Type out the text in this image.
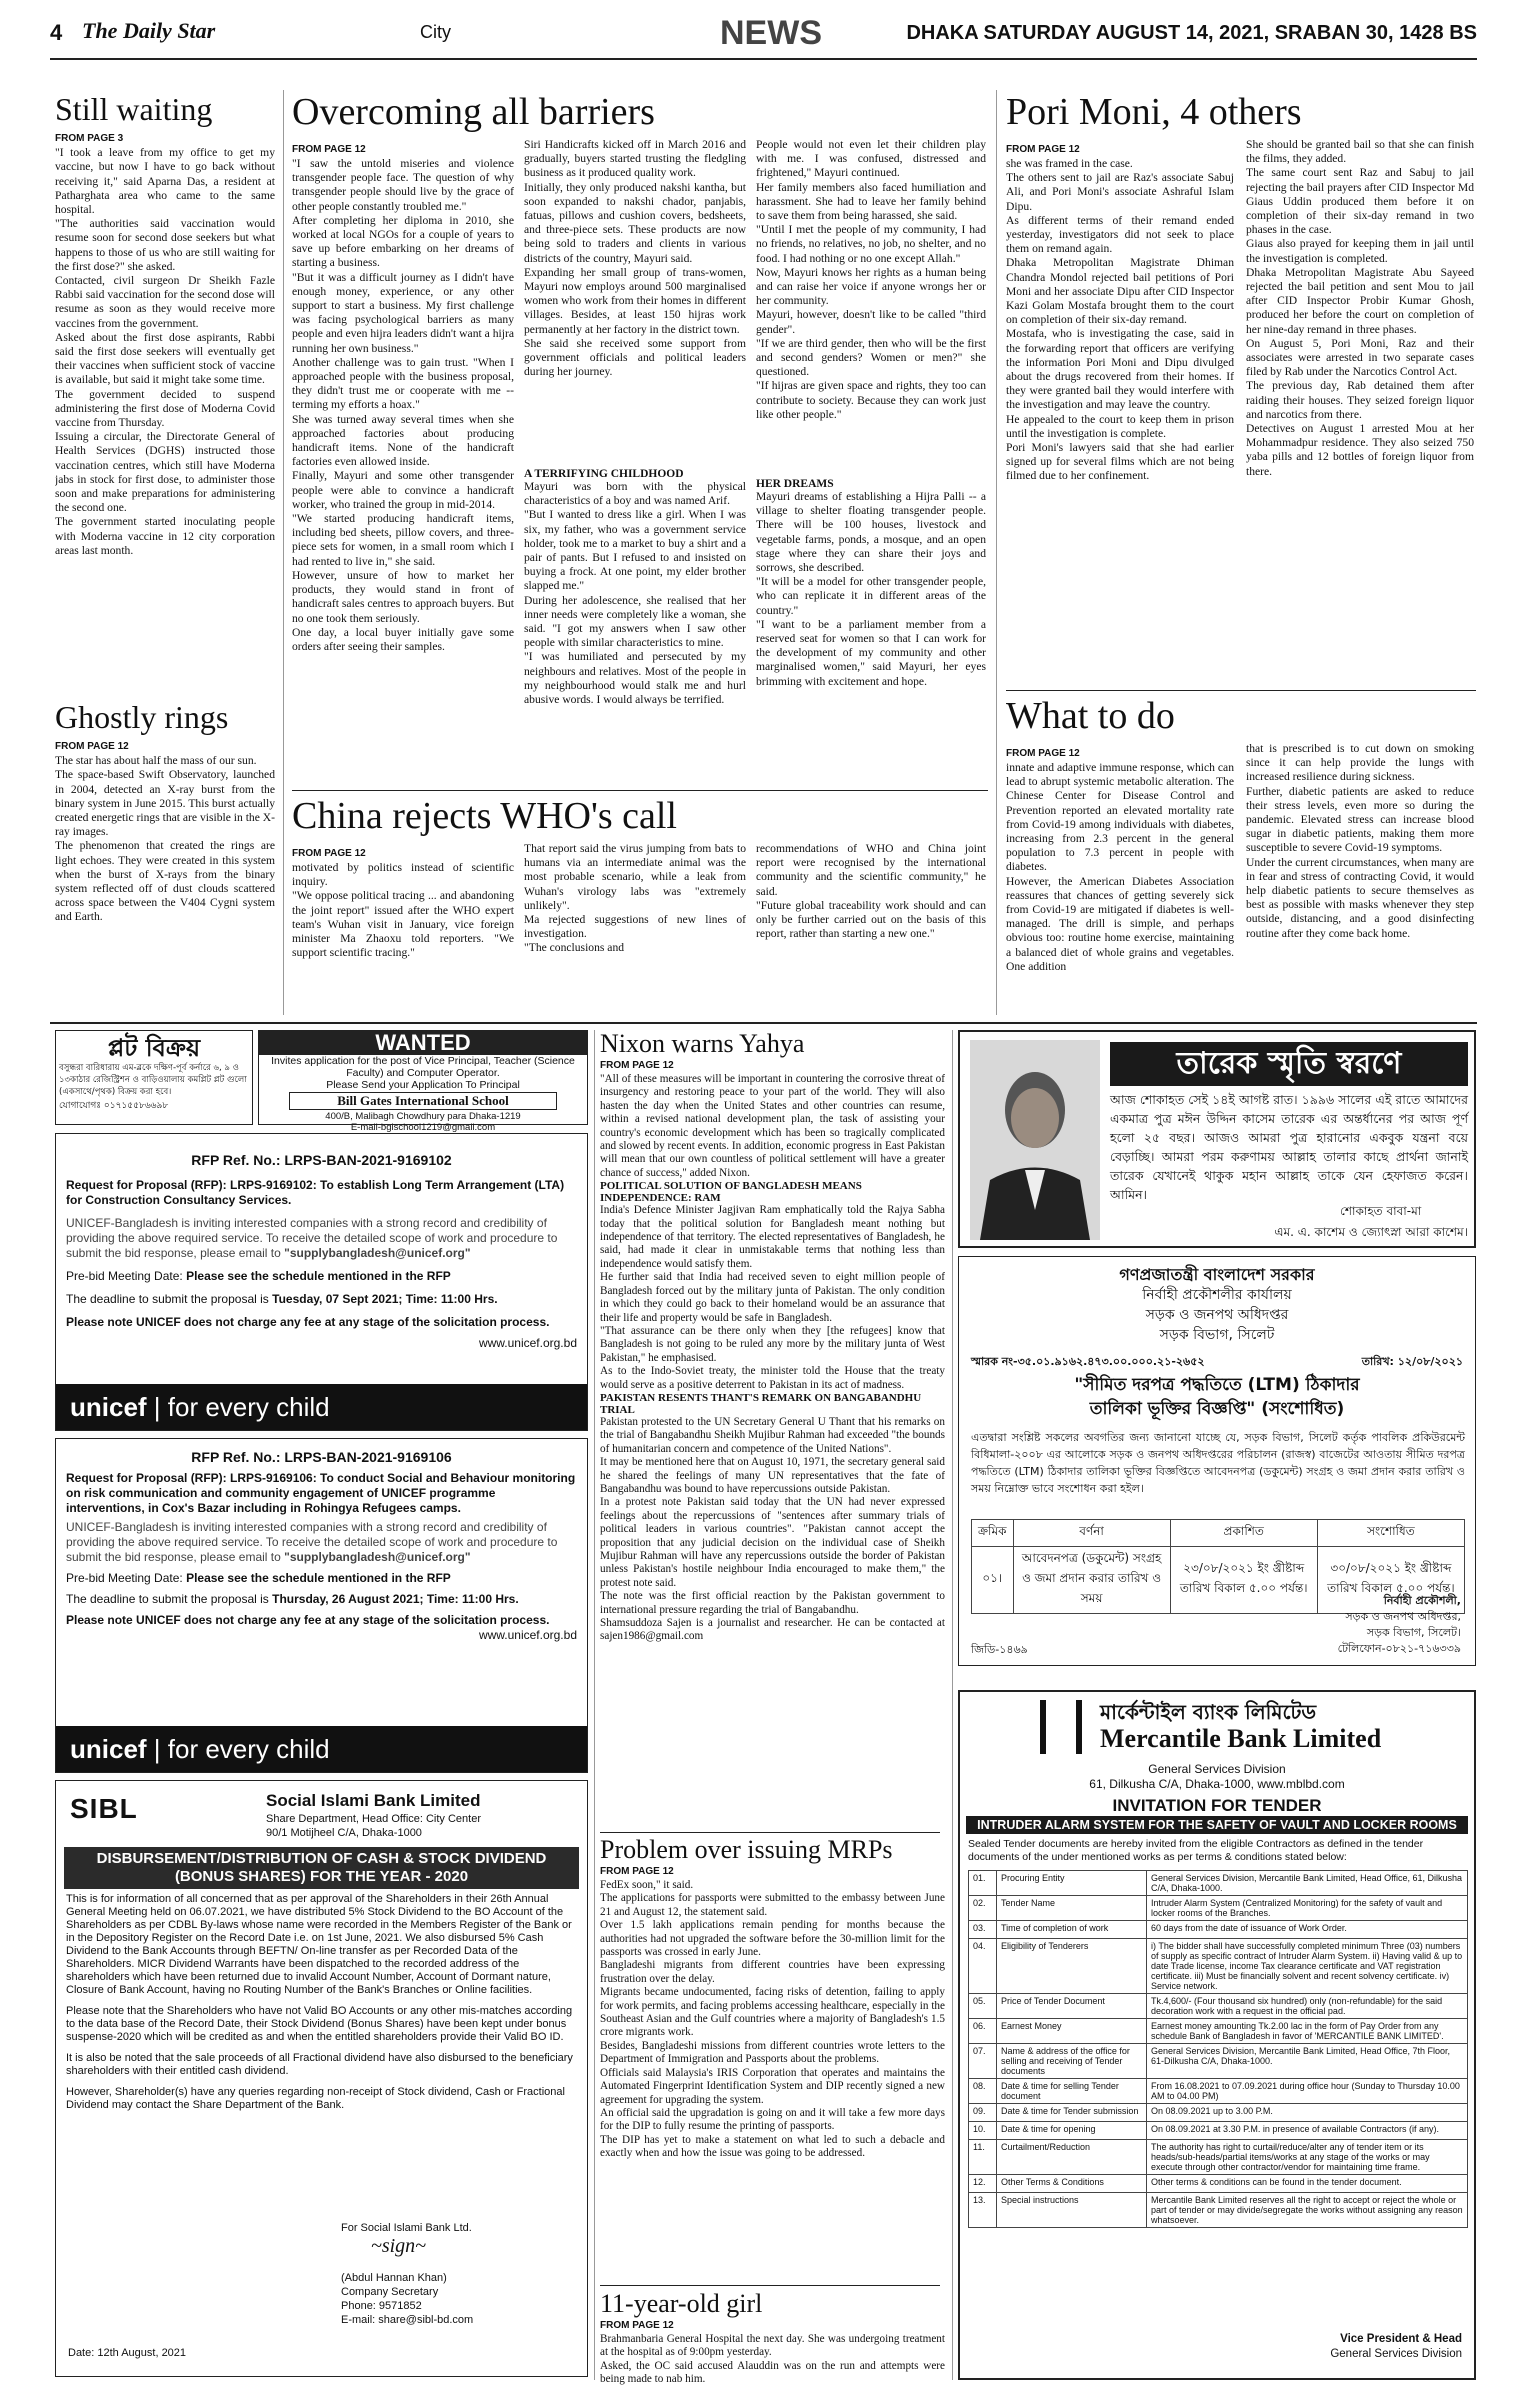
4 The Daily Star	City	NEWS	DHAKA SATURDAY AUGUST 14, 2021, SRABAN 30, 1428 BS
Still waiting
FROM PAGE 3
"I took a leave from my office to get my vaccine, but now I have to go back without receiving it," said Aparna Das, a resident at Patharghata area who came to the same hospital.
"The authorities said vaccination would resume soon for second dose seekers but what happens to those of us who are still waiting for the first dose?" she asked.
Contacted, civil surgeon Dr Sheikh Fazle Rabbi said vaccination for the second dose will resume as soon as they would receive more vaccines from the government.
Asked about the first dose aspirants, Rabbi said the first dose seekers will eventually get their vaccines when sufficient stock of vaccine is available, but said it might take some time.
The government decided to suspend administering the first dose of Moderna Covid vaccine from Thursday.
Issuing a circular, the Directorate General of Health Services (DGHS) instructed those vaccination centres, which still have Moderna jabs in stock for first dose, to administer those soon and make preparations for administering the second one.
The government started inoculating people with Moderna vaccine in 12 city corporation areas last month.
Ghostly rings
FROM PAGE 12
The star has about half the mass of our sun.
The space-based Swift Observatory, launched in 2004, detected an X-ray burst from the binary system in June 2015. This burst actually created energetic rings that are visible in the X-ray images.
The phenomenon that created the rings are light echoes. They were created in this system when the burst of X-rays from the binary system reflected off of dust clouds scattered across space between the V404 Cygni system and Earth.
Overcoming all barriers
FROM PAGE 12
"I saw the untold miseries and violence transgender people face. The question of why transgender people should live by the grace of other people constantly troubled me."
After completing her diploma in 2010, she worked at local NGOs for a couple of years to save up before embarking on her dreams of starting a business.
"But it was a difficult journey as I didn't have enough money, experience, or any other support to start a business. My first challenge was facing psychological barriers as many people and even hijra leaders didn't want a hijra running her own business."
Another challenge was to gain trust. "When I approached people with the business proposal, they didn't trust me or cooperate with me -- terming my efforts a hoax."
She was turned away several times when she approached factories about producing handicraft items. None of the handicraft factories even allowed inside.
Finally, Mayuri and some other transgender people were able to convince a handicraft worker, who trained the group in mid-2014.
"We started producing handicraft items, including bed sheets, pillow covers, and three-piece sets for women, in a small room which I had rented to live in," she said.
However, unsure of how to market her products, they would stand in front of handicraft sales centres to approach buyers. But no one took them seriously.
One day, a local buyer initially gave some orders after seeing their samples.
Siri Handicrafts kicked off in March 2016 and gradually, buyers started trusting the fledgling business as it produced quality work.
Initially, they only produced nakshi kantha, but soon expanded to nakshi chador, panjabis, fatuas, pillows and cushion covers, bedsheets, and three-piece sets. These products are now being sold to traders and clients in various districts of the country, Mayuri said.
Expanding her small group of trans-women, Mayuri now employs around 500 marginalised women who work from their homes in different villages. Besides, at least 150 hijras work permanently at her factory in the district town.
She said she received some support from government officials and political leaders during her journey.
A TERRIFYING CHILDHOOD
Mayuri was born with the physical characteristics of a boy and was named Arif.
"But I wanted to dress like a girl. When I was six, my father, who was a government service holder, took me to a market to buy a shirt and a pair of pants. But I refused to and insisted on buying a frock. At one point, my elder brother slapped me."
During her adolescence, she realised that her inner needs were completely like a woman, she said. "I got my answers when I saw other people with similar characteristics to mine.
"I was humiliated and persecuted by my neighbours and relatives. Most of the people in my neighbourhood would stalk me and hurl abusive words. I would always be terrified.
People would not even let their children play with me. I was confused, distressed and frightened," Mayuri continued.
Her family members also faced humiliation and harassment. She had to leave her family behind to save them from being harassed, she said.
"Until I met the people of my community, I had no friends, no relatives, no job, no shelter, and no food. I had nothing or no one except Allah."
Now, Mayuri knows her rights as a human being and can raise her voice if anyone wrongs her or her community.
Mayuri, however, doesn't like to be called "third gender".
"If we are third gender, then who will be the first and second genders? Women or men?" she questioned.
"If hijras are given space and rights, they too can contribute to society. Because they can work just like other people."
HER DREAMS
Mayuri dreams of establishing a Hijra Palli -- a village to shelter floating transgender people. There will be 100 houses, livestock and vegetable farms, ponds, a mosque, and an open stage where they can share their joys and sorrows, she described.
"It will be a model for other transgender people, who can replicate it in different areas of the country."
"I want to be a parliament member from a reserved seat for women so that I can work for the development of my community and other marginalised women," said Mayuri, her eyes brimming with excitement and hope.
China rejects WHO's call
FROM PAGE 12
motivated by politics instead of scientific inquiry.
"We oppose political tracing ... and abandoning the joint report" issued after the WHO expert team's Wuhan visit in January, vice foreign minister Ma Zhaoxu told reporters. "We support scientific tracing."
That report said the virus jumping from bats to humans via an intermediate animal was the most probable scenario, while a leak from Wuhan's virology labs was "extremely unlikely".
Ma rejected suggestions of new lines of investigation.
"The conclusions and
recommendations of WHO and China joint report were recognised by the international community and the scientific community," he said.
"Future global traceability work should and can only be further carried out on the basis of this report, rather than starting a new one."
Pori Moni, 4 others
FROM PAGE 12
she was framed in the case.
The others sent to jail are Raz's associate Sabuj Ali, and Pori Moni's associate Ashraful Islam Dipu.
As different terms of their remand ended yesterday, investigators did not seek to place them on remand again.
Dhaka Metropolitan Magistrate Dhiman Chandra Mondol rejected bail petitions of Pori Moni and her associate Dipu after CID Inspector Kazi Golam Mostafa brought them to the court on completion of their six-day remand.
Mostafa, who is investigating the case, said in the forwarding report that officers are verifying the information Pori Moni and Dipu divulged about the drugs recovered from their homes. If they were granted bail they would interfere with the investigation and may leave the country.
He appealed to the court to keep them in prison until the investigation is complete.
Pori Moni's lawyers said that she had earlier signed up for several films which are not being filmed due to her confinement.
She should be granted bail so that she can finish the films, they added.
The same court sent Raz and Sabuj to jail rejecting the bail prayers after CID Inspector Md Giaus Uddin produced them before it on completion of their six-day remand in two phases in the case.
Giaus also prayed for keeping them in jail until the investigation is completed.
Dhaka Metropolitan Magistrate Abu Sayeed rejected the bail petition and sent Mou to jail after CID Inspector Probir Kumar Ghosh, produced her before the court on completion of her nine-day remand in three phases.
On August 5, Pori Moni, Raz and their associates were arrested in two separate cases filed by Rab under the Narcotics Control Act.
The previous day, Rab detained them after raiding their houses. They seized foreign liquor and narcotics from there.
Detectives on August 1 arrested Mou at her Mohammadpur residence. They also seized 750 yaba pills and 12 bottles of foreign liquor from there.
What to do
FROM PAGE 12
innate and adaptive immune response, which can lead to abrupt systemic metabolic alteration. The Chinese Center for Disease Control and Prevention reported an elevated mortality rate from Covid-19 among individuals with diabetes, increasing from 2.3 percent in the general population to 7.3 percent in people with diabetes.
However, the American Diabetes Association reassures that chances of getting severely sick from Covid-19 are mitigated if diabetes is well-managed. The drill is simple, and perhaps obvious too: routine home exercise, maintaining a balanced diet of whole grains and vegetables. One addition
that is prescribed is to cut down on smoking since it can help provide the lungs with increased resilience during sickness.
Further, diabetic patients are asked to reduce their stress levels, even more so during the pandemic. Elevated stress can increase blood sugar in diabetic patients, making them more susceptible to severe Covid-19 symptoms.
Under the current circumstances, when many are in fear and stress of contracting Covid, it would help diabetic patients to secure themselves as best as possible with masks whenever they step outside, distancing, and a good disinfecting routine after they come back home.
প্লট বিক্রয়
বসুন্ধরা বারিধারায় এম-ব্লকে দক্ষিণ-পূর্ব কর্নারে ৬, ৯ ও ১৩কাঠার রেজিস্ট্রিশন ও বাড়িওয়ালায় কমপ্লিট প্লট গুলো (একসাথে/পৃথক) বিক্রয় করা হবে।
যোগাযোগঃ ০১৭১৫৫৮৬৬৯৮
WANTED
Invites application for the post of Vice Principal, Teacher (Science Faculty) and Computer Operator.
Please Send your Application To Principal
Bill Gates International School
400/B, Malibagh Chowdhury para Dhaka-1219
E-mail-bgischool1219@gmail.com
RFP Ref. No.: LRPS-BAN-2021-9169102
Request for Proposal (RFP): LRPS-9169102: To establish Long Term Arrangement (LTA) for Construction Consultancy Services.
UNICEF-Bangladesh is inviting interested companies with a strong record and credibility of providing the above required service. To receive the detailed scope of work and procedure to submit the bid response, please email to "supplybangladesh@unicef.org"
Pre-bid Meeting Date: Please see the schedule mentioned in the RFP
The deadline to submit the proposal is Tuesday, 07 Sept 2021; Time: 11:00 Hrs.
Please note UNICEF does not charge any fee at any stage of the solicitation process.
www.unicef.org.bd
unicef | for every child
RFP Ref. No.: LRPS-BAN-2021-9169106
Request for Proposal (RFP): LRPS-9169106: To conduct Social and Behaviour monitoring on risk communication and community engagement of UNICEF programme interventions, in Cox's Bazar including in Rohingya Refugees camps.
UNICEF-Bangladesh is inviting interested companies with a strong record and credibility of providing the above required service. To receive the detailed scope of work and procedure to submit the bid response, please email to "supplybangladesh@unicef.org"
Pre-bid Meeting Date: Please see the schedule mentioned in the RFP
The deadline to submit the proposal is Thursday, 26 August 2021; Time: 11:00 Hrs.
Please note UNICEF does not charge any fee at any stage of the solicitation process.
www.unicef.org.bd
unicef | for every child
SIBL	Social Islami Bank Limited
Share Department, Head Office: City Center
90/1 Motijheel C/A, Dhaka-1000
DISBURSEMENT/DISTRIBUTION OF CASH & STOCK DIVIDEND (BONUS SHARES) FOR THE YEAR - 2020
This is for information of all concerned that as per approval of the Shareholders in their 26th Annual General Meeting held on 06.07.2021, we have distributed 5% Stock Dividend to the BO Account of the Shareholders as per CDBL By-laws whose name were recorded in the Members Register of the Bank or in the Depository Register on the Record Date i.e. on 1st June, 2021. We also disbursed 5% Cash Dividend to the Bank Accounts through BEFTN/ On-line transfer as per Recorded Data of the Shareholders. MICR Dividend Warrants have been dispatched to the recorded address of the shareholders which have been returned due to invalid Account Number, Account of Dormant nature, Closure of Bank Account, having no Routing Number of the Bank's Branches or Online facilities.
Please note that the Shareholders who have not Valid BO Accounts or any other mis-matches according to the data base of the Record Date, their Stock Dividend (Bonus Shares) have been kept under bonus suspense-2020 which will be credited as and when the entitled shareholders provide their Valid BO ID.
It is also be noted that the sale proceeds of all Fractional dividend have also disbursed to the beneficiary shareholders with their entitled cash dividend.
However, Shareholder(s) have any queries regarding non-receipt of Stock dividend, Cash or Fractional Dividend may contact the Share Department of the Bank.
For Social Islami Bank Ltd.
~sign~
(Abdul Hannan Khan)
Company Secretary
Phone: 9571852
E-mail: share@sibl-bd.com
Date: 12th August, 2021
Nixon warns Yahya
FROM PAGE 12
"All of these measures will be important in countering the corrosive threat of insurgency and restoring peace to your part of the world. They will also hasten the day when the United States and other countries can resume, within a revised national development plan, the task of assisting your country's economic development which has been so tragically complicated and slowed by recent events. In addition, economic progress in East Pakistan will mean that our own countless of political settlement will have a greater chance of success," added Nixon.
POLITICAL SOLUTION OF BANGLADESH MEANS INDEPENDENCE: RAM
India's Defence Minister Jagjivan Ram emphatically told the Rajya Sabha today that the political solution for Bangladesh meant nothing but independence of that territory. The elected representatives of Bangladesh, he said, had made it clear in unmistakable terms that nothing less than independence would satisfy them.
He further said that India had received seven to eight million people of Bangladesh forced out by the military junta of Pakistan. The only condition in which they could go back to their homeland would be an assurance that their life and property would be safe in Bangladesh.
"That assurance can be there only when they [the refugees] know that Bangladesh is not going to be ruled any more by the military junta of West Pakistan," he emphasised.
As to the Indo-Soviet treaty, the minister told the House that the treaty would serve as a positive deterrent to Pakistan in its act of madness.
PAKISTAN RESENTS THANT'S REMARK ON BANGABANDHU TRIAL
Pakistan protested to the UN Secretary General U Thant that his remarks on the trial of Bangabandhu Sheikh Mujibur Rahman had exceeded "the bounds of humanitarian concern and competence of the United Nations".
It may be mentioned here that on August 10, 1971, the secretary general said he shared the feelings of many UN representatives that the fate of Bangabandhu was bound to have repercussions outside Pakistan.
In a protest note Pakistan said today that the UN had never expressed feelings about the repercussions of "sentences after summary trials of political leaders in various countries". "Pakistan cannot accept the proposition that any judicial decision on the individual case of Sheikh Mujibur Rahman will have any repercussions outside the border of Pakistan unless Pakistan's hostile neighbour India encouraged to make them," the protest note said.
The note was the first official reaction by the Pakistan government to international pressure regarding the trial of Bangabandhu.
Shamsuddoza Sajen is a journalist and researcher. He can be contacted at sajen1986@gmail.com
Problem over issuing MRPs
FROM PAGE 12
FedEx soon," it said.
The applications for passports were submitted to the embassy between June 21 and August 12, the statement said.
Over 1.5 lakh applications remain pending for months because the authorities had not upgraded the software before the 30-million limit for the passports was crossed in early June.
Bangladeshi migrants from different countries have been expressing frustration over the delay.
Migrants became undocumented, facing risks of detention, failing to apply for work permits, and facing problems accessing healthcare, especially in the Southeast Asian and the Gulf countries where a majority of Bangladesh's 1.5 crore migrants work.
Besides, Bangladeshi missions from different countries wrote letters to the Department of Immigration and Passports about the problems.
Officials said Malaysia's IRIS Corporation that operates and maintains the Automated Fingerprint Identification System and DIP recently signed a new agreement for upgrading the system.
An official said the upgradation is going on and it will take a few more days for the DIP to fully resume the printing of passports.
The DIP has yet to make a statement on what led to such a debacle and exactly when and how the issue was going to be addressed.
11-year-old girl
FROM PAGE 12
Brahmanbaria General Hospital the next day. She was undergoing treatment at the hospital as of 9:00pm yesterday.
Asked, the OC said accused Alauddin was on the run and attempts were being made to nab him.
তারেক স্মৃতি স্বরণে
আজ শোকাহত সেই ১৪ই আগষ্ট রাত। ১৯৯৬ সালের এই রাতে আমাদের একমাত্র পুত্র মঈন উদ্দিন কাসেম তারেক এর অন্তর্ধানের পর আজ পূর্ণ হলো ২৫ বছর। আজও আমরা পুত্র হারানোর একবুক যন্ত্রনা বয়ে বেড়াচ্ছি। আমরা পরম করুণাময় আল্লাহ তালার কাছে প্রার্থনা জানাই তারেক যেখানেই থাকুক মহান আল্লাহ তাকে যেন হেফাজত করেন। আমিন।
শোকাহত বাবা-মা
এম. এ. কাশেম ও জ্যোৎস্না আরা কাশেম।
গণপ্রজাতন্ত্রী বাংলাদেশ সরকার
নির্বাহী প্রকৌশলীর কার্যালয়
সড়ক ও জনপথ অধিদপ্তর
সড়ক বিভাগ, সিলেট
স্মারক নং-৩৫.০১.৯১৬২.৪৭৩.০০.০০০.২১-২৬৫২	তারিখ: ১২/০৮/২০২১
"সীমিত দরপত্র পদ্ধতিতে (LTM) ঠিকাদার
তালিকা ভূক্তির বিজ্ঞপ্তি" (সংশোধিত)
এতদ্বারা সংশ্লিষ্ট সকলের অবগতির জন্য জানানো যাচ্ছে যে, সড়ক বিভাগ, সিলেট কর্তৃক পাবলিক প্রকিউরমেন্ট বিধিমালা-২০০৮ এর আলোকে সড়ক ও জনপথ অধিদপ্তরের পরিচালন (রাজস্ব) বাজেটের আওতায় সীমিত দরপত্র পদ্ধতিতে (LTM) ঠিকাদার তালিকা ভূক্তির বিজ্ঞপ্তিতে আবেদনপত্র (ডকুমেন্ট) সংগ্রহ ও জমা প্রদান করার তারিখ ও সময় নিম্নোক্ত ভাবে সংশোধন করা হইল।
ক্রমিক	বর্ণনা	প্রকাশিত	সংশোধিত
০১।	আবেদনপত্র (ডকুমেন্ট) সংগ্রহ ও জমা প্রদান করার তারিখ ও সময়	২৩/০৮/২০২১ ইং খ্রীষ্টাব্দ তারিখ বিকাল ৫.০০ পর্যন্ত।	৩০/০৮/২০২১ ইং খ্রীষ্টাব্দ তারিখ বিকাল ৫.০০ পর্যন্ত।
নির্বাহী প্রকৌশলী,
সড়ক ও জনপথ অধিদপ্তর,
সড়ক বিভাগ, সিলেট।
টেলিফোন-০৮২১-৭১৬৩৩৯
জিডি-১৪৬৯
মার্কেন্টাইল ব্যাংক লিমিটেড
Mercantile Bank Limited
General Services Division
61, Dilkusha C/A, Dhaka-1000, www.mblbd.com
INVITATION FOR TENDER
INTRUDER ALARM SYSTEM FOR THE SAFETY OF VAULT AND LOCKER ROOMS
Sealed Tender documents are hereby invited from the eligible Contractors as defined in the tender documents of the under mentioned works as per terms & conditions stated below:
01.	Procuring Entity	General Services Division, Mercantile Bank Limited, Head Office, 61, Dilkusha C/A, Dhaka-1000.
02.	Tender Name	Intruder Alarm System (Centralized Monitoring) for the safety of vault and locker rooms of the Branches.
03.	Time of completion of work	60 days from the date of issuance of Work Order.
04.	Eligibility of Tenderers	i) The bidder shall have successfully completed minimum Three (03) numbers of supply as specific contract of Intruder Alarm System. ii) Having valid & up to date Trade license, income Tax clearance certificate and VAT registration certificate. iii) Must be financially solvent and recent solvency certificate. iv) Service network.
05.	Price of Tender Document	Tk.4,600/- (Four thousand six hundred) only (non-refundable) for the said decoration work with a request in the official pad.
06.	Earnest Money	Earnest money amounting Tk.2.00 lac in the form of Pay Order from any schedule Bank of Bangladesh in favor of 'MERCANTILE BANK LIMITED'.
07.	Name & address of the office for selling and receiving of Tender documents	General Services Division, Mercantile Bank Limited, Head Office, 7th Floor, 61-Dilkusha C/A, Dhaka-1000.
08.	Date & time for selling Tender document	From 16.08.2021 to 07.09.2021 during office hour (Sunday to Thursday 10.00 AM to 04.00 PM)
09.	Date & time for Tender submission	On 08.09.2021 up to 3.00 P.M.
10.	Date & time for opening	On 08.09.2021 at 3.30 P.M. in presence of available Contractors (if any).
11.	Curtailment/Reduction	The authority has right to curtail/reduce/alter any of tender item or its heads/sub-heads/partial items/works at any stage of the works or may execute through other contractor/vendor for maintaining time frame.
12.	Other Terms & Conditions	Other terms & conditions can be found in the tender document.
13.	Special instructions	Mercantile Bank Limited reserves all the right to accept or reject the whole or part of tender or may divide/segregate the works without assigning any reason whatsoever.
Vice President & Head
General Services Division
